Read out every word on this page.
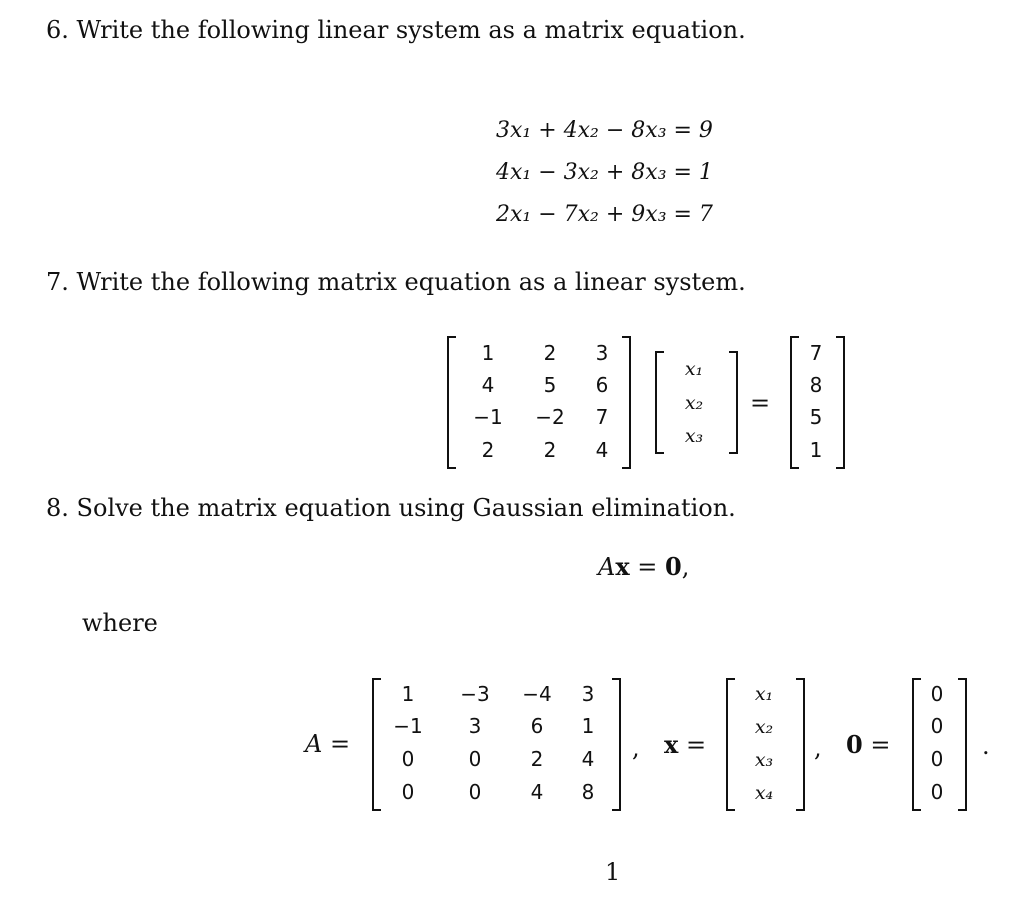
6. Write the following linear system as a matrix equation.
3x₁ + 4x₂ − 8x₃ = 9
4x₁ − 3x₂ + 8x₃ = 1
2x₁ − 7x₂ + 9x₃ = 7
7. Write the following matrix equation as a linear system.
1	2	3
4	5	6
−1	−2	7
2	2	4
x₁
x₂
x₃
=
7
8
5
1
8. Solve the matrix equation using Gaussian elimination.
Ax = 0,
where
A =
1	−3	−4	3
−1	3	6	1
0	0	2	4
0	0	4	8
, x =
x₁
x₂
x₃
x₄
, 0 =
0
0
0
0
.
1
